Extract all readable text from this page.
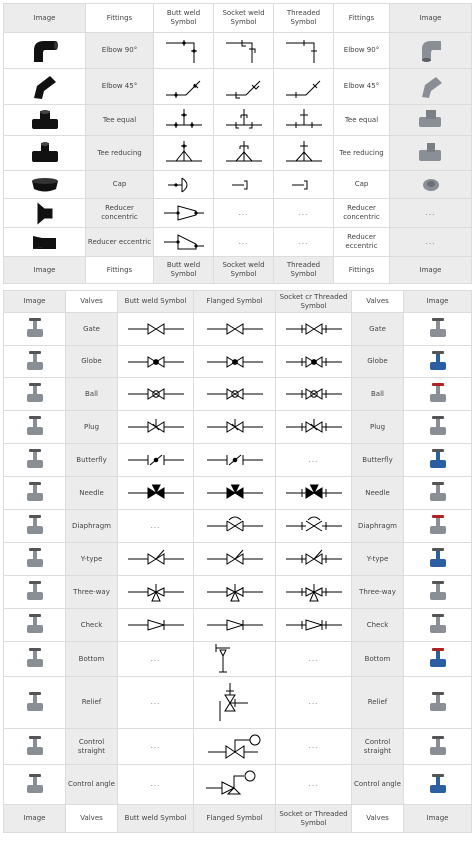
Image	Fittings	Butt weld Symbol	Socket weld Symbol	Threaded Symbol	Fittings	Image

	Elbow 90°				Elbow 90°	

	Elbow 45°				Elbow 45°	

	Tee equal				Tee equal	

	Tee reducing				Tee reducing	

	Cap				Cap	

	Reducer concentric		...	...	Reducer concentric	...

	Reducer eccentric		...	...	Reducer eccentric	...
Image	Fittings	Butt weld Symbol	Socket weld Symbol	Threaded Symbol	Fittings	Image
Image	Valves	Butt weld Symbol	Flanged Symbol	Socket cr Threaded Symbol	Valves	Image

	Gate				Gate	

	Globe				Globe	

	Ball				Ball	

	Plug				Plug	

	Butterfly			...	Butterfly	

	Needle				Needle	

	Diaphragm	...			Diaphragm	

	Y-type				Y-type	

	Three-way				Three-way	

	Check				Check	

	Bottom	...		...	Bottom	

	Relief	...		...	Relief	

	Control straight	...		...	Control straight	

	Control angle	...		...	Control angle	

Image	Valves	Butt weld Symbol	Flanged Symbol	Socket or Threaded Symbol	Valves	Image
